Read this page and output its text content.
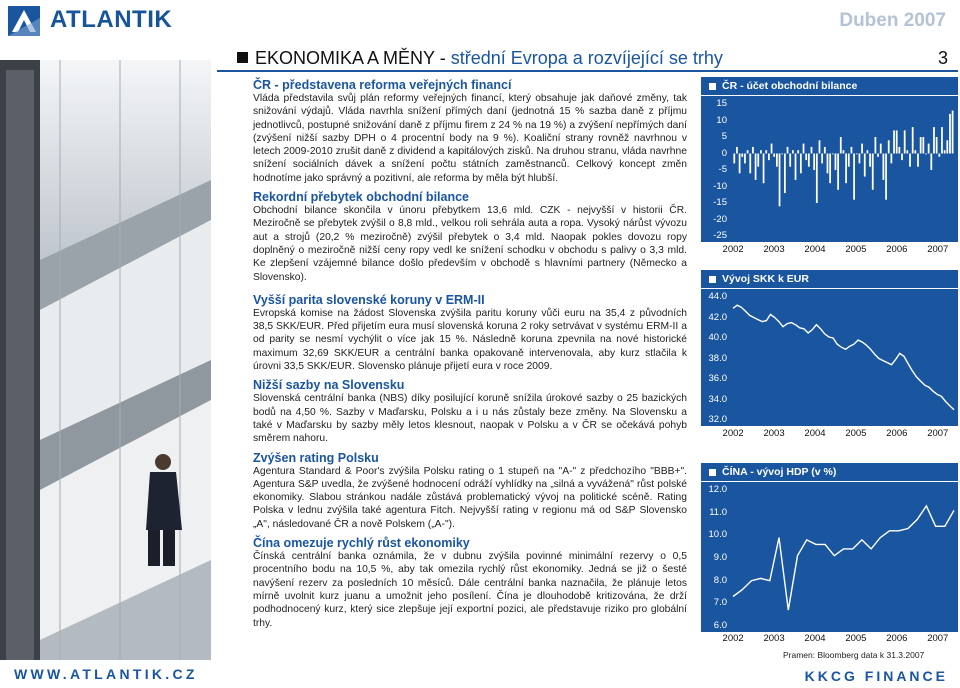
ATLANTIK	Duben 2007
EKONOMIKA A MĚNY - střední Evropa a rozvíjející se trhy	3
ČR - představena reforma veřejných financí
Vláda představila svůj plán reformy veřejných financí, který obsahuje jak daňové změny, tak snižování výdajů. Vláda navrhla snížení přímých daní (jednotná 15 % sazba daně z příjmu jednotlivců, postupné snižování daně z příjmu firem z 24 % na 19 %) a zvýšení nepřímých daní (zvýšení nižší sazby DPH o 4 procentní body na 9 %). Koaliční strany rovněž navrhnou v letech 2009-2010 zrušit daně z dividend a kapitálových zisků. Na druhou stranu, vláda navrhne snížení sociálních dávek a snížení počtu státních zaměstnanců. Celkový koncept změn hodnotíme jako správný a pozitivní, ale reforma by měla být hlubší.
Rekordní přebytek obchodní bilance
Obchodní bilance skončila v únoru přebytkem 13,6 mld. CZK - nejvyšší v historii ČR. Meziročně se přebytek zvýšil o 8,8 mld., velkou roli sehrála auta a ropa. Vysoký nárůst vývozu aut a strojů (20,2 % meziročně) zvýšil přebytek o 3,4 mld. Naopak pokles dovozu ropy doplněný o meziročně nižší ceny ropy vedl ke snížení schodku v obchodu s palivy o 3,3 mld. Ke zlepšení vzájemné bilance došlo především v obchodě s hlavními partnery (Německo a Slovensko).
Vyšší parita slovenské koruny v ERM-II
Evropská komise na žádost Slovenska zvýšila paritu koruny vůči euru na 35,4 z původních 38,5 SKK/EUR. Před přijetím eura musí slovenská koruna 2 roky setrvávat v systému ERM-II a od parity se nesmí vychýlit o více jak 15 %. Následně koruna zpevnila na nové historické maximum 32,69 SKK/EUR a centrální banka opakovaně intervenovala, aby kurz stlačila k úrovni 33,5 SKK/EUR. Slovensko plánuje přijetí eura v roce 2009.
Nižší sazby na Slovensku
Slovenská centrální banka (NBS) díky posilující koruně snížila úrokové sazby o 25 bazických bodů na 4,50 %. Sazby v Maďarsku, Polsku a i u nás zůstaly beze změny. Na Slovensku a také v Maďarsku by sazby měly letos klesnout, naopak v Polsku a v ČR se očekává pohyb směrem nahoru.
Zvýšen rating Polsku
Agentura Standard & Poor's zvýšila Polsku rating o 1 stupeň na "A-" z předchozího "BBB+". Agentura S&P uvedla, že zvýšené hodnocení odráží vyhlídky na „silná a vyvážená" růst polské ekonomiky. Slabou stránkou nadále zůstává problematický vývoj na politické scéně. Rating Polska v lednu zvýšila také agentura Fitch. Nejvyšší rating v regionu má od S&P Slovensko „A", následované ČR a nově Polskem („A-").
Čína omezuje rychlý růst ekonomiky
Čínská centrální banka oznámila, že v dubnu zvýšila povinné minimální rezervy o 0,5 procentního bodu na 10,5 %, aby tak omezila rychlý růst ekonomiky. Jedná se již o šesté navýšení rezerv za posledních 10 měsíců. Dále centrální banka naznačila, že plánuje letos mírně uvolnit kurz juanu a umožnit jeho posílení. Čína je dlouhodobě kritizována, že drží podhodnocený kurz, který sice zlepšuje její exportní pozici, ale představuje riziko pro globální trhy.
ČR - účet obchodní bilance
Vývoj SKK k EUR
ČÍNA - vývoj HDP (v %)
15
10
5
0
-5
-10
-15
-20
-25
2002	2003	2004	2005	2006	2007
44.0
42.0
40.0
38.0
36.0
34.0
32.0
2002	2003	2004	2005	2006	2007
12.0
11.0
10.0
9.0
8.0
7.0
6.0
2002	2003	2004	2005	2006	2007
Pramen: Bloomberg data k 31.3.2007
WWW.ATLANTIK.CZ	KKCG FINANCE
